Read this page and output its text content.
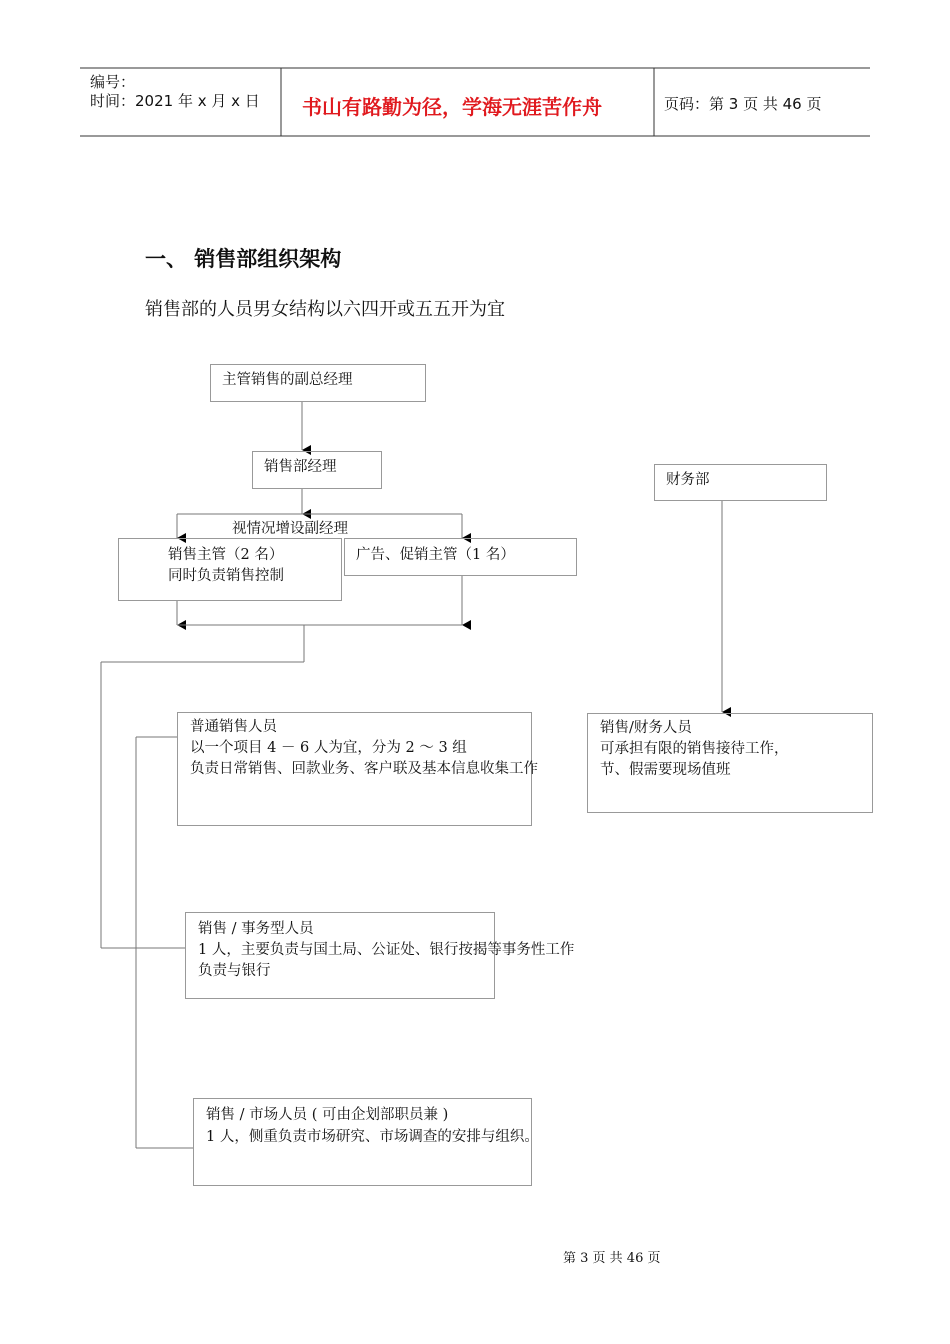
编号：
时间：2021 年 x 月 x 日 书山有路勤为径，学海无涯苦作舟	页码：第 3 页 共 46 页
一、 销售部组织架构
销售部的人员男女结构以六四开或五五开为宜
主管销售的副总经理
销售部经理
视情况增设副经理
销售主管（2 名）
同时负责销售控制
广告、促销主管（1 名）
财务部
普通销售人员
以一个项目 4 － 6 人为宜，分为 2 ～ 3 组
负责日常销售、回款业务、客户联及基本信息收集工作
销售/财务人员
可承担有限的销售接待工作，
节、假需要现场值班
销售 / 事务型人员
1 人，主要负责与国土局、公证处、银行按揭等事务性工作
负责与银行
销售 / 市场人员 ( 可由企划部职员兼 )
1 人，侧重负责市场研究、市场调查的安排与组织。
第 3 页 共 46 页
